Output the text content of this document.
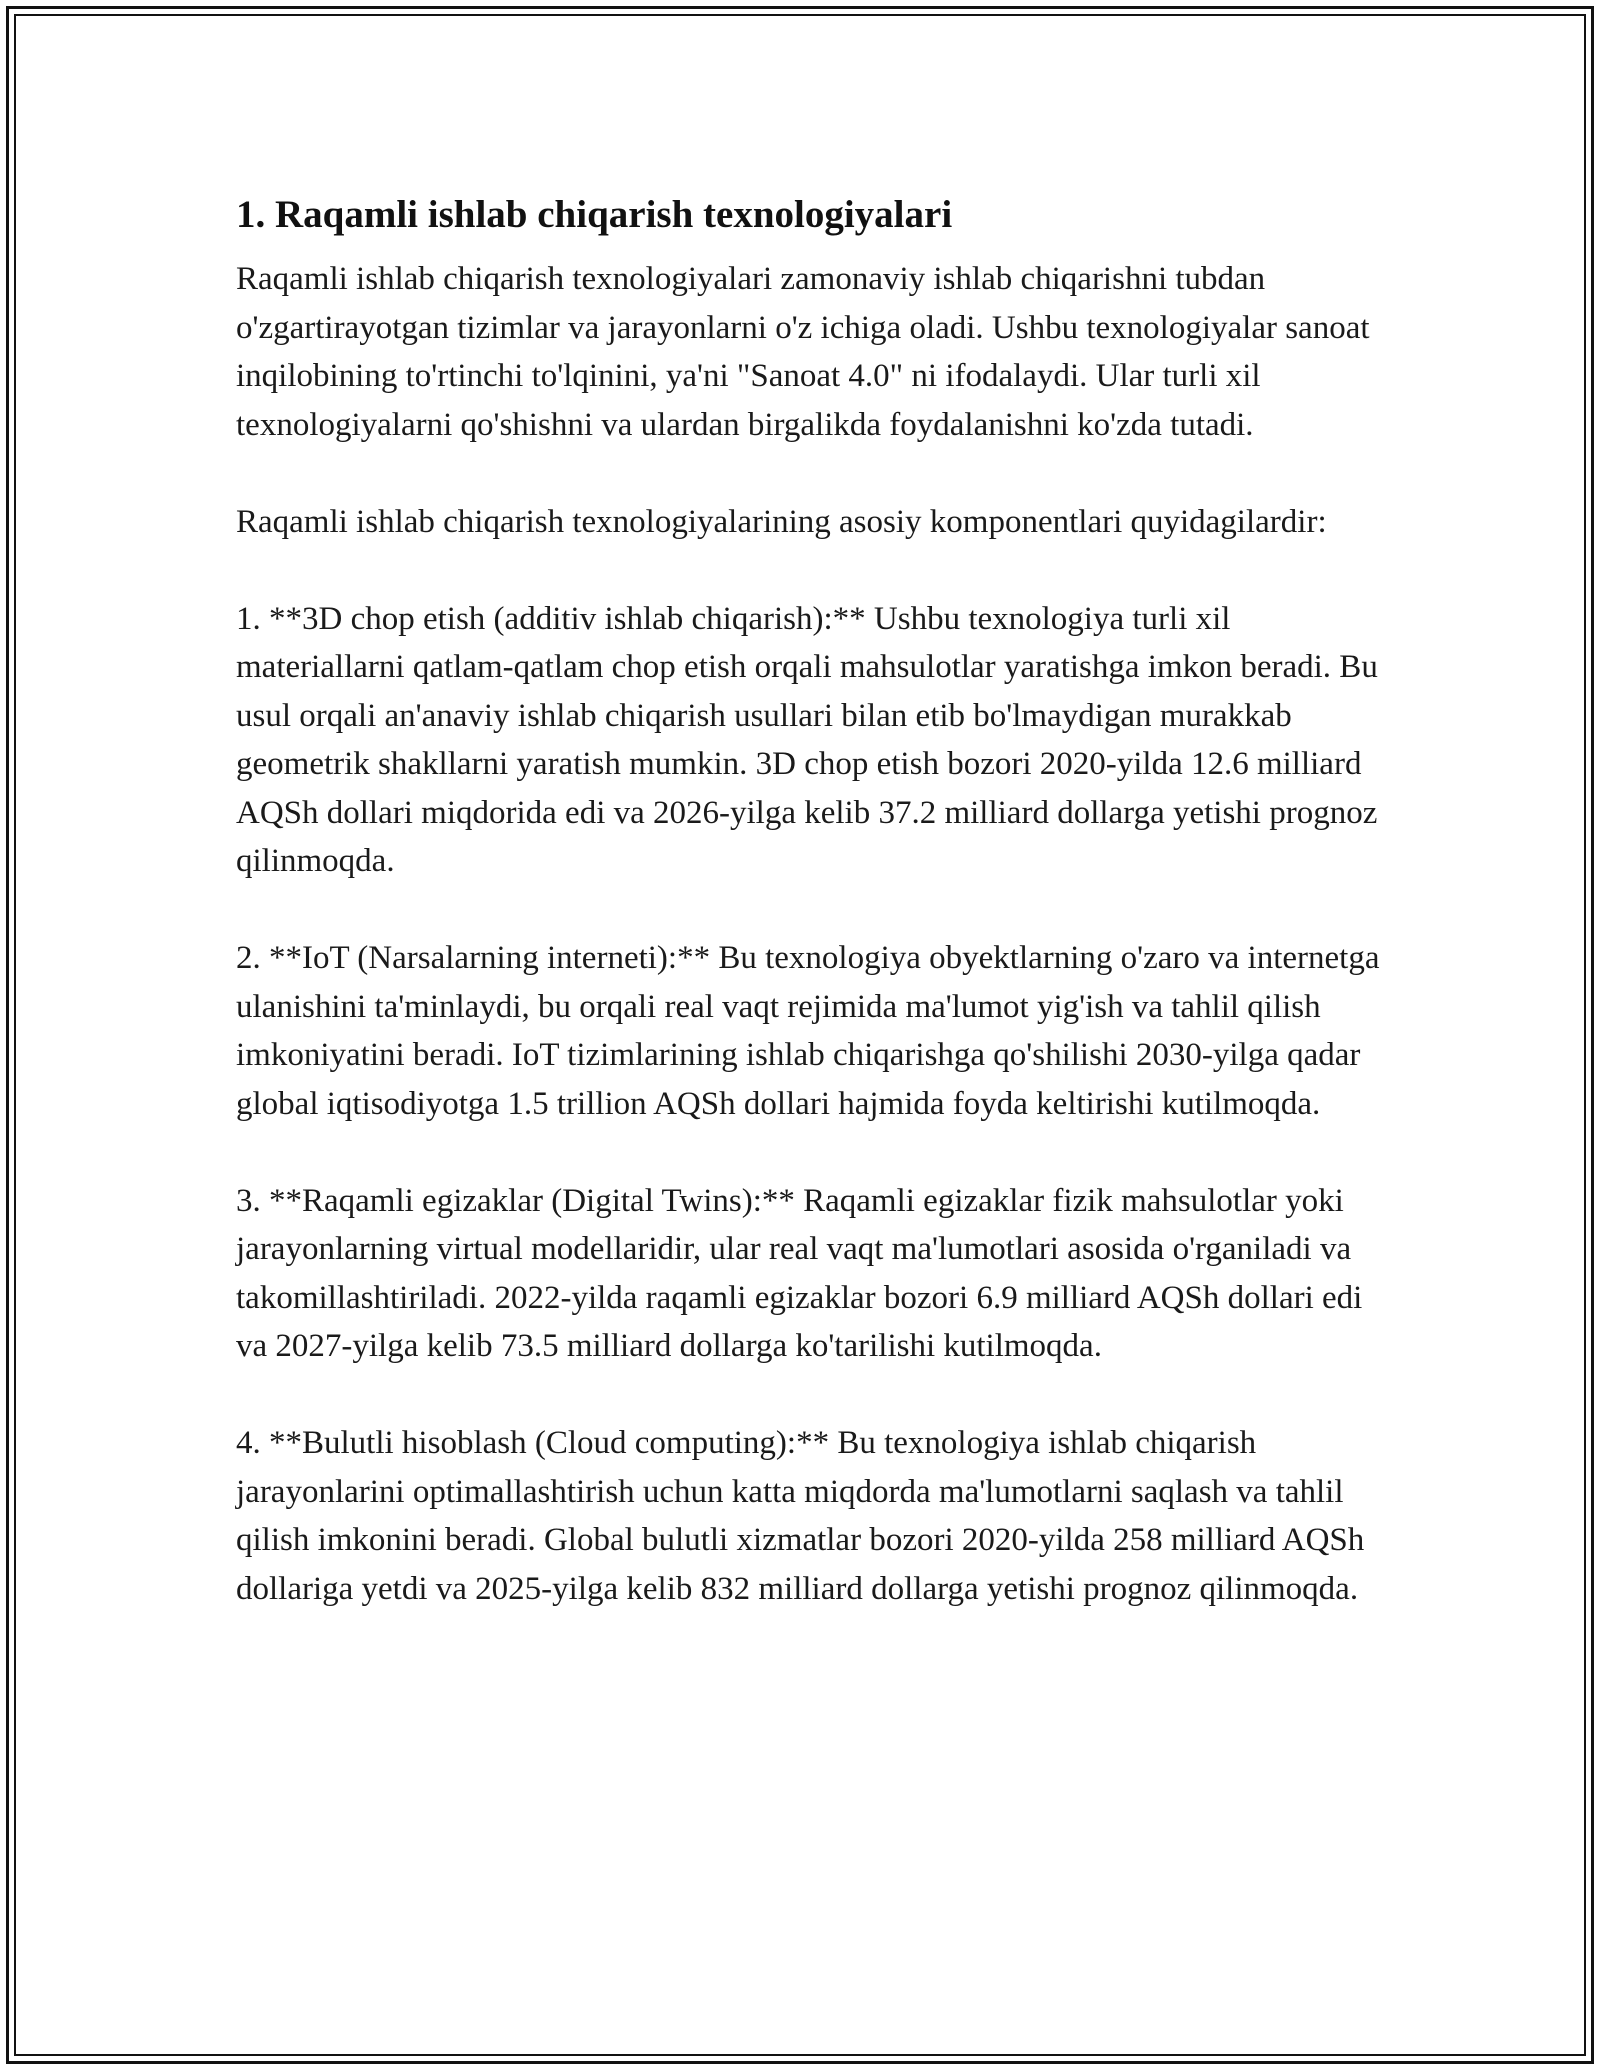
1. Raqamli ishlab chiqarish texnologiyalari

Raqamli ishlab chiqarish texnologiyalari zamonaviy ishlab chiqarishni tubdan o'zgartirayotgan tizimlar va jarayonlarni o'z ichiga oladi. Ushbu texnologiyalar sanoat inqilobining to'rtinchi to'lqinini, ya'ni "Sanoat 4.0" ni ifodalaydi. Ular turli xil texnologiyalarni qo'shishni va ulardan birgalikda foydalanishni ko'zda tutadi.

Raqamli ishlab chiqarish texnologiyalarining asosiy komponentlari quyidagilardir:

1. **3D chop etish (additiv ishlab chiqarish):** Ushbu texnologiya turli xil materiallarni qatlam-qatlam chop etish orqali mahsulotlar yaratishga imkon beradi. Bu usul orqali an'anaviy ishlab chiqarish usullari bilan etib bo'lmaydigan murakkab geometrik shakllarni yaratish mumkin. 3D chop etish bozori 2020-yilda 12.6 milliard AQSh dollari miqdorida edi va 2026-yilga kelib 37.2 milliard dollarga yetishi prognoz qilinmoqda.

2. **IoT (Narsalarning interneti):** Bu texnologiya obyektlarning o'zaro va internetga ulanishini ta'minlaydi, bu orqali real vaqt rejimida ma'lumot yig'ish va tahlil qilish imkoniyatini beradi. IoT tizimlarining ishlab chiqarishga qo'shilishi 2030-yilga qadar global iqtisodiyotga 1.5 trillion AQSh dollari hajmida foyda keltirishi kutilmoqda.

3. **Raqamli egizaklar (Digital Twins):** Raqamli egizaklar fizik mahsulotlar yoki jarayonlarning virtual modellaridir, ular real vaqt ma'lumotlari asosida o'rganiladi va takomillashtiriladi. 2022-yilda raqamli egizaklar bozori 6.9 milliard AQSh dollari edi va 2027-yilga kelib 73.5 milliard dollarga ko'tarilishi kutilmoqda.

4. **Bulutli hisoblash (Cloud computing):** Bu texnologiya ishlab chiqarish jarayonlarini optimallashtirish uchun katta miqdorda ma'lumotlarni saqlash va tahlil qilish imkonini beradi. Global bulutli xizmatlar bozori 2020-yilda 258 milliard AQSh dollariga yetdi va 2025-yilga kelib 832 milliard dollarga yetishi prognoz qilinmoqda.
